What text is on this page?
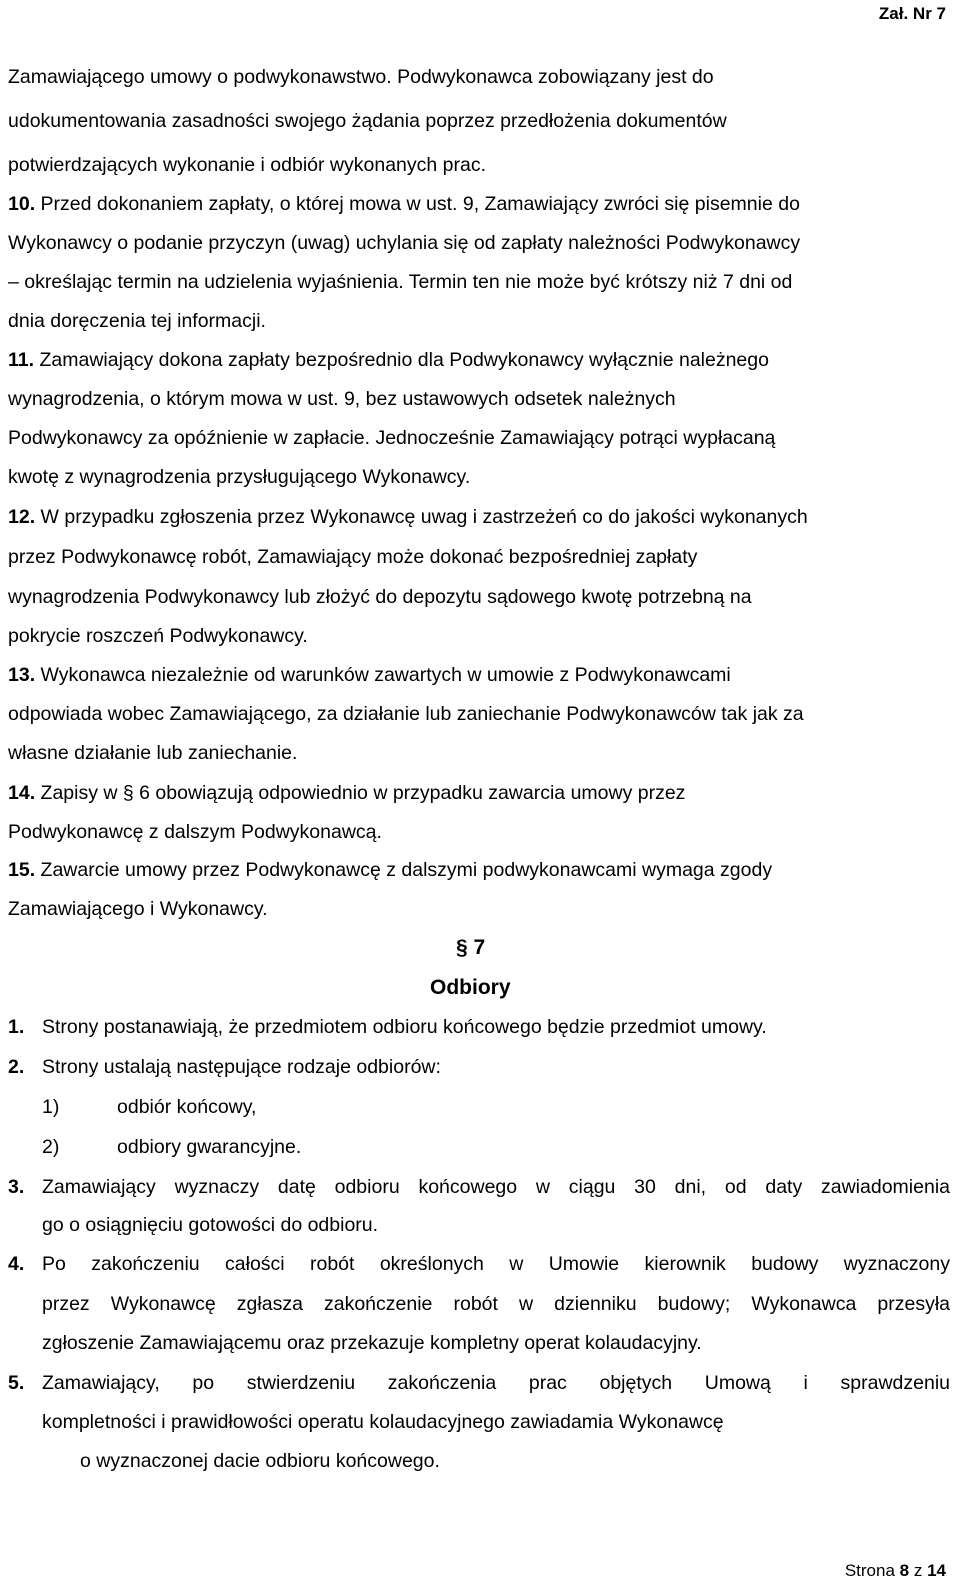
Zał. Nr 7
Zamawiającego umowy o podwykonawstwo. Podwykonawca zobowiązany jest do
udokumentowania zasadności swojego żądania poprzez przedłożenia dokumentów
potwierdzających wykonanie i odbiór wykonanych prac.
10. Przed dokonaniem zapłaty, o której mowa w ust. 9, Zamawiający zwróci się pisemnie do
Wykonawcy o podanie przyczyn (uwag) uchylania się od zapłaty należności Podwykonawcy
– określając termin na udzielenia wyjaśnienia. Termin ten nie może być krótszy niż 7 dni od
dnia doręczenia tej informacji.
11. Zamawiający dokona zapłaty bezpośrednio dla Podwykonawcy wyłącznie należnego
wynagrodzenia, o którym mowa w ust. 9, bez ustawowych odsetek należnych
Podwykonawcy za opóźnienie w zapłacie. Jednocześnie Zamawiający potrąci wypłacaną
kwotę z wynagrodzenia przysługującego Wykonawcy.
12. W przypadku zgłoszenia przez Wykonawcę uwag i zastrzeżeń co do jakości wykonanych
przez Podwykonawcę robót, Zamawiający może dokonać bezpośredniej zapłaty
wynagrodzenia Podwykonawcy lub złożyć do depozytu sądowego kwotę potrzebną na
pokrycie roszczeń Podwykonawcy.
13. Wykonawca niezależnie od warunków zawartych w umowie z Podwykonawcami
odpowiada wobec Zamawiającego, za działanie lub zaniechanie Podwykonawców tak jak za
własne działanie lub zaniechanie.
14. Zapisy w § 6 obowiązują odpowiednio w przypadku zawarcia umowy przez
Podwykonawcę z dalszym Podwykonawcą.
15. Zawarcie umowy przez Podwykonawcę z dalszymi podwykonawcami wymaga zgody
Zamawiającego i Wykonawcy.
§ 7
Odbiory
1. Strony postanawiają, że przedmiotem odbioru końcowego będzie przedmiot umowy.
2. Strony ustalają następujące rodzaje odbiorów:
1)	odbiór końcowy,
2)	odbiory gwarancyjne.
3. Zamawiający wyznaczy datę odbioru końcowego w ciągu 30 dni, od daty zawiadomienia
go o osiągnięciu gotowości do odbioru.
4. Po zakończeniu całości robót określonych w Umowie kierownik budowy wyznaczony
przez Wykonawcę zgłasza zakończenie robót w dzienniku budowy; Wykonawca przesyła
zgłoszenie Zamawiającemu oraz przekazuje kompletny operat kolaudacyjny.
5. Zamawiający, po stwierdzeniu zakończenia prac objętych Umową i sprawdzeniu
kompletności i prawidłowości operatu kolaudacyjnego zawiadamia Wykonawcę
o wyznaczonej dacie odbioru końcowego.
Strona 8 z 14
